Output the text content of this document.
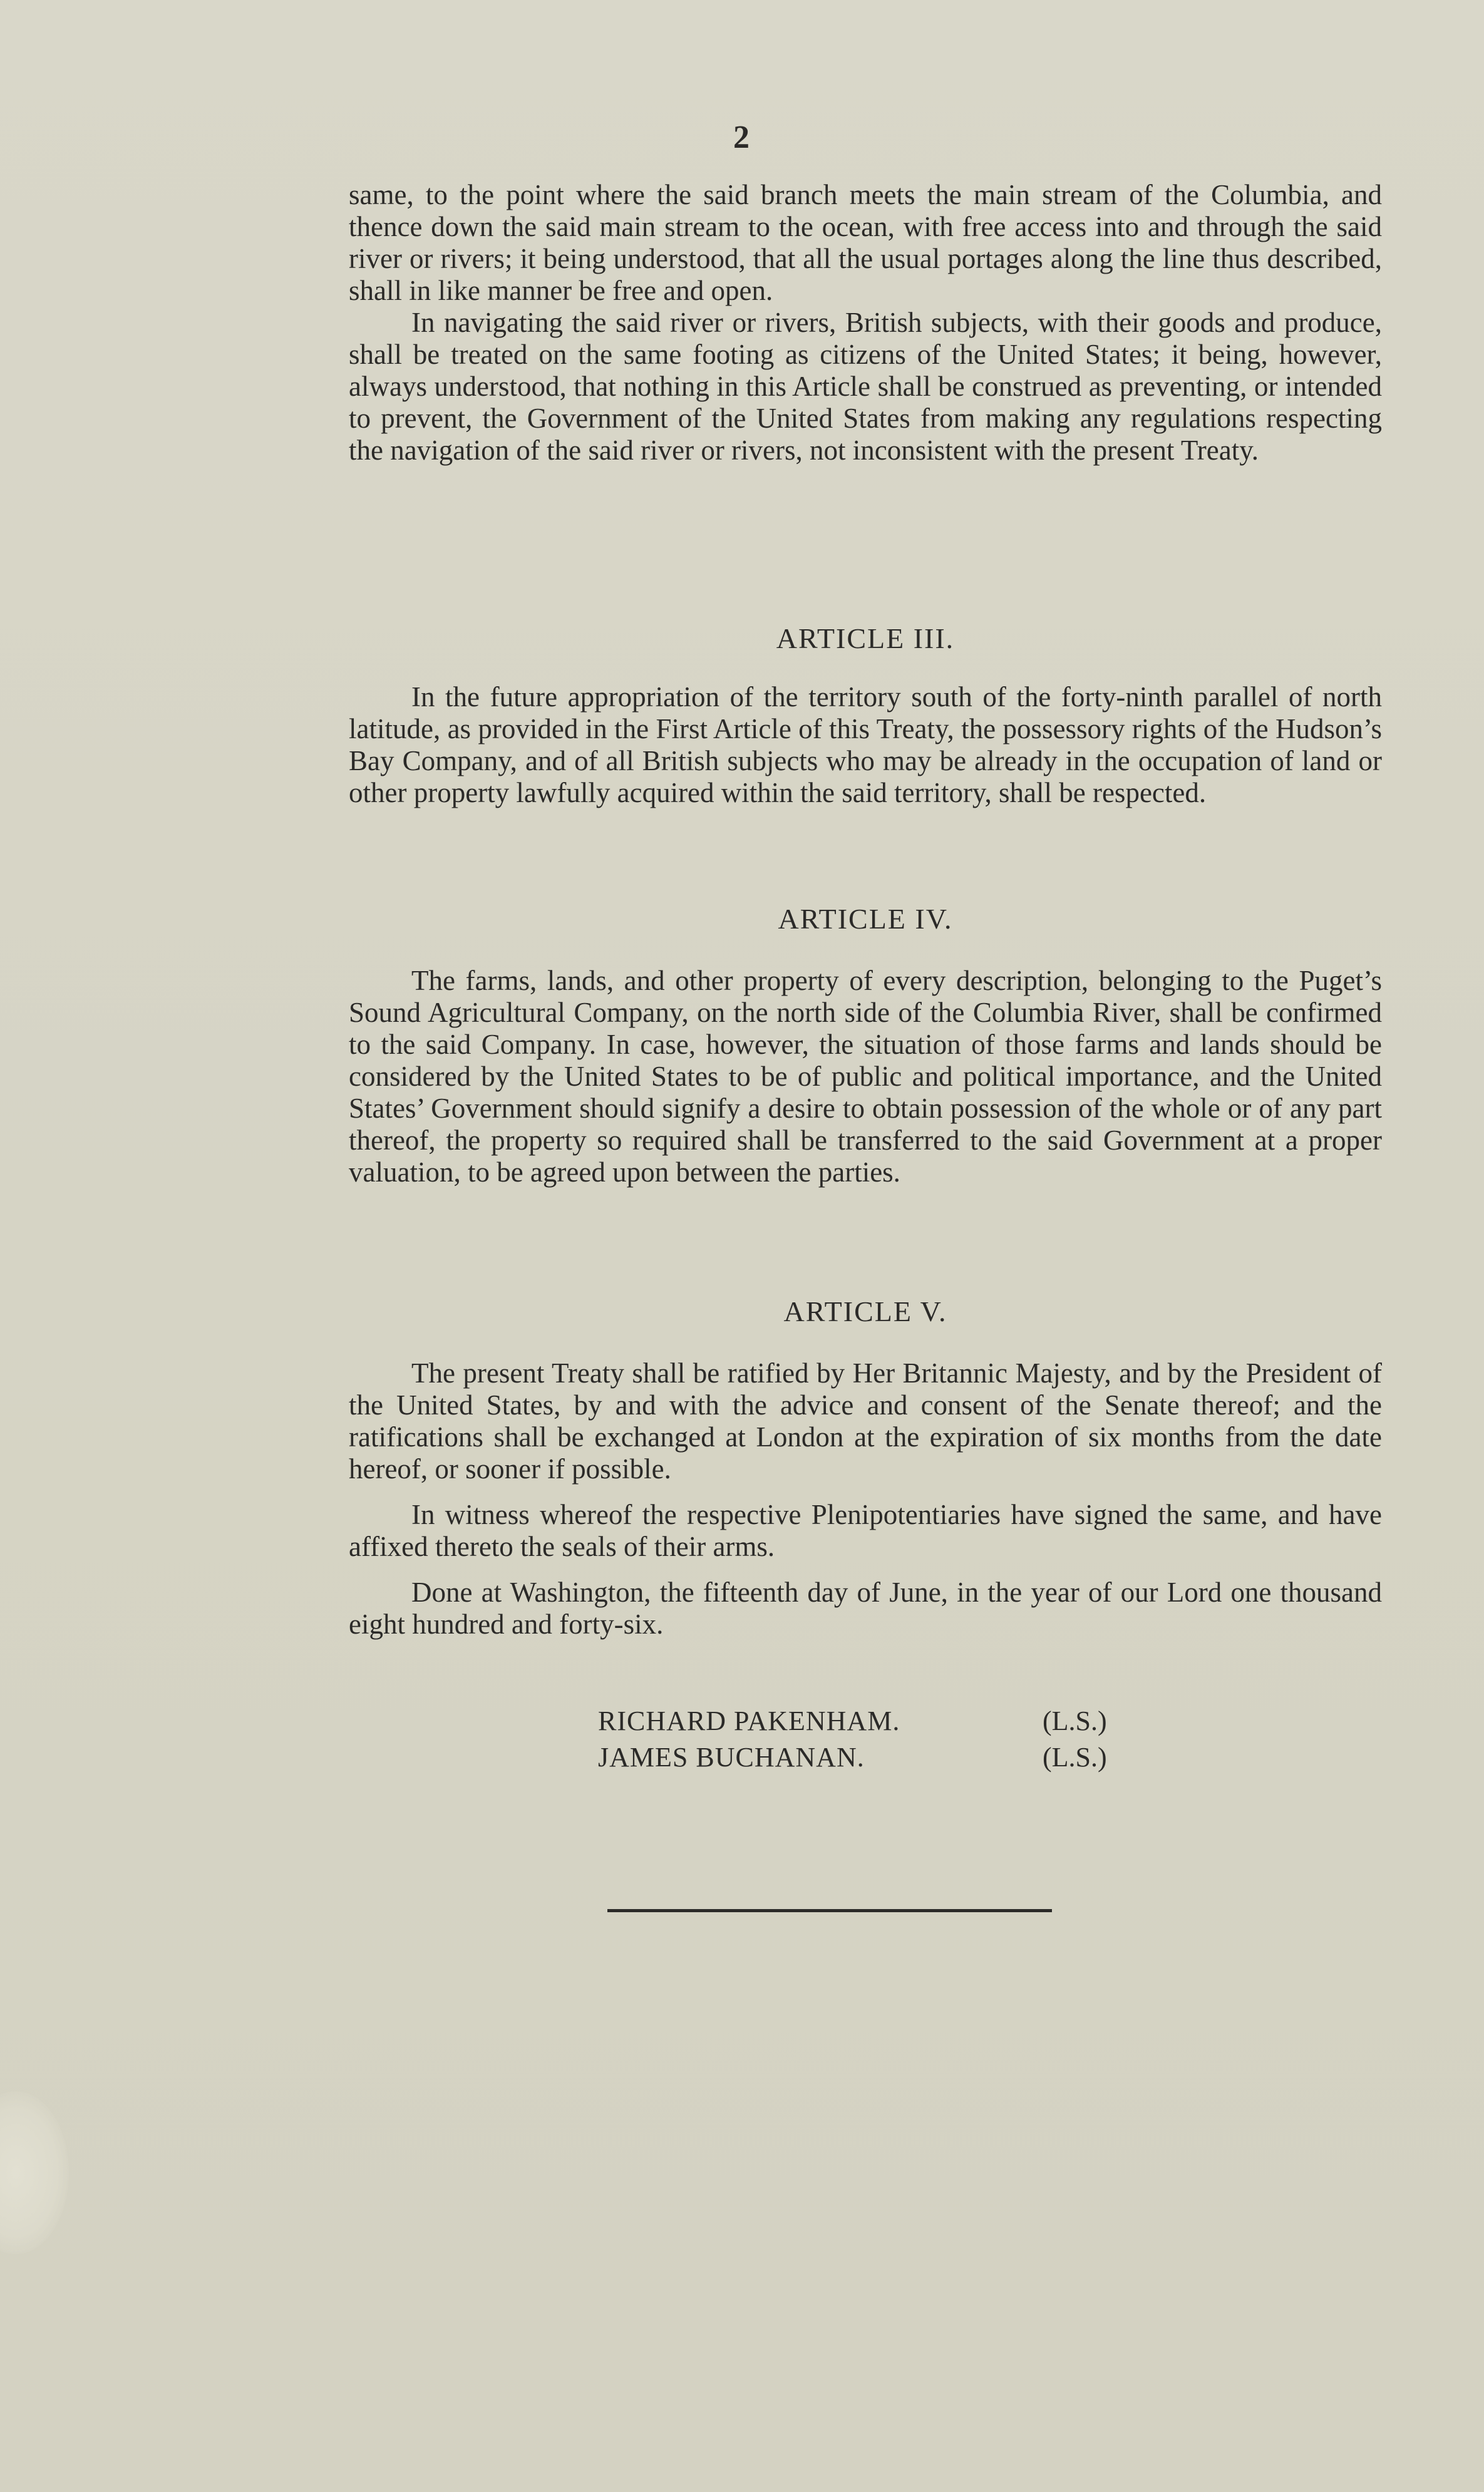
2

same, to the point where the said branch meets the main stream of the Columbia, and thence down the said main stream to the ocean, with free access into and through the said river or rivers; it being understood, that all the usual portages along the line thus described, shall in like manner be free and open.

In navigating the said river or rivers, British subjects, with their goods and produce, shall be treated on the same footing as citizens of the United States; it being, however, always understood, that nothing in this Article shall be construed as preventing, or intended to prevent, the Government of the United States from making any regulations respecting the navigation of the said river or rivers, not inconsistent with the present Treaty.

ARTICLE III.

In the future appropriation of the territory south of the forty-ninth parallel of north latitude, as provided in the First Article of this Treaty, the possessory rights of the Hudson’s Bay Company, and of all British subjects who may be already in the occupation of land or other property lawfully acquired within the said territory, shall be respected.

ARTICLE IV.

The farms, lands, and other property of every description, belonging to the Puget’s Sound Agricultural Company, on the north side of the Columbia River, shall be confirmed to the said Company. In case, however, the situation of those farms and lands should be considered by the United States to be of public and political importance, and the United States’ Government should signify a desire to obtain possession of the whole or of any part thereof, the property so required shall be transferred to the said Government at a proper valuation, to be agreed upon between the parties.

ARTICLE V.

The present Treaty shall be ratified by Her Britannic Majesty, and by the President of the United States, by and with the advice and consent of the Senate thereof; and the ratifications shall be exchanged at London at the expiration of six months from the date hereof, or sooner if possible.

In witness whereof the respective Plenipotentiaries have signed the same, and have affixed thereto the seals of their arms.

Done at Washington, the fifteenth day of June, in the year of our Lord one thousand eight hundred and forty-six.

RICHARD PAKENHAM.	(L.S.)
JAMES BUCHANAN.	(L.S.)
